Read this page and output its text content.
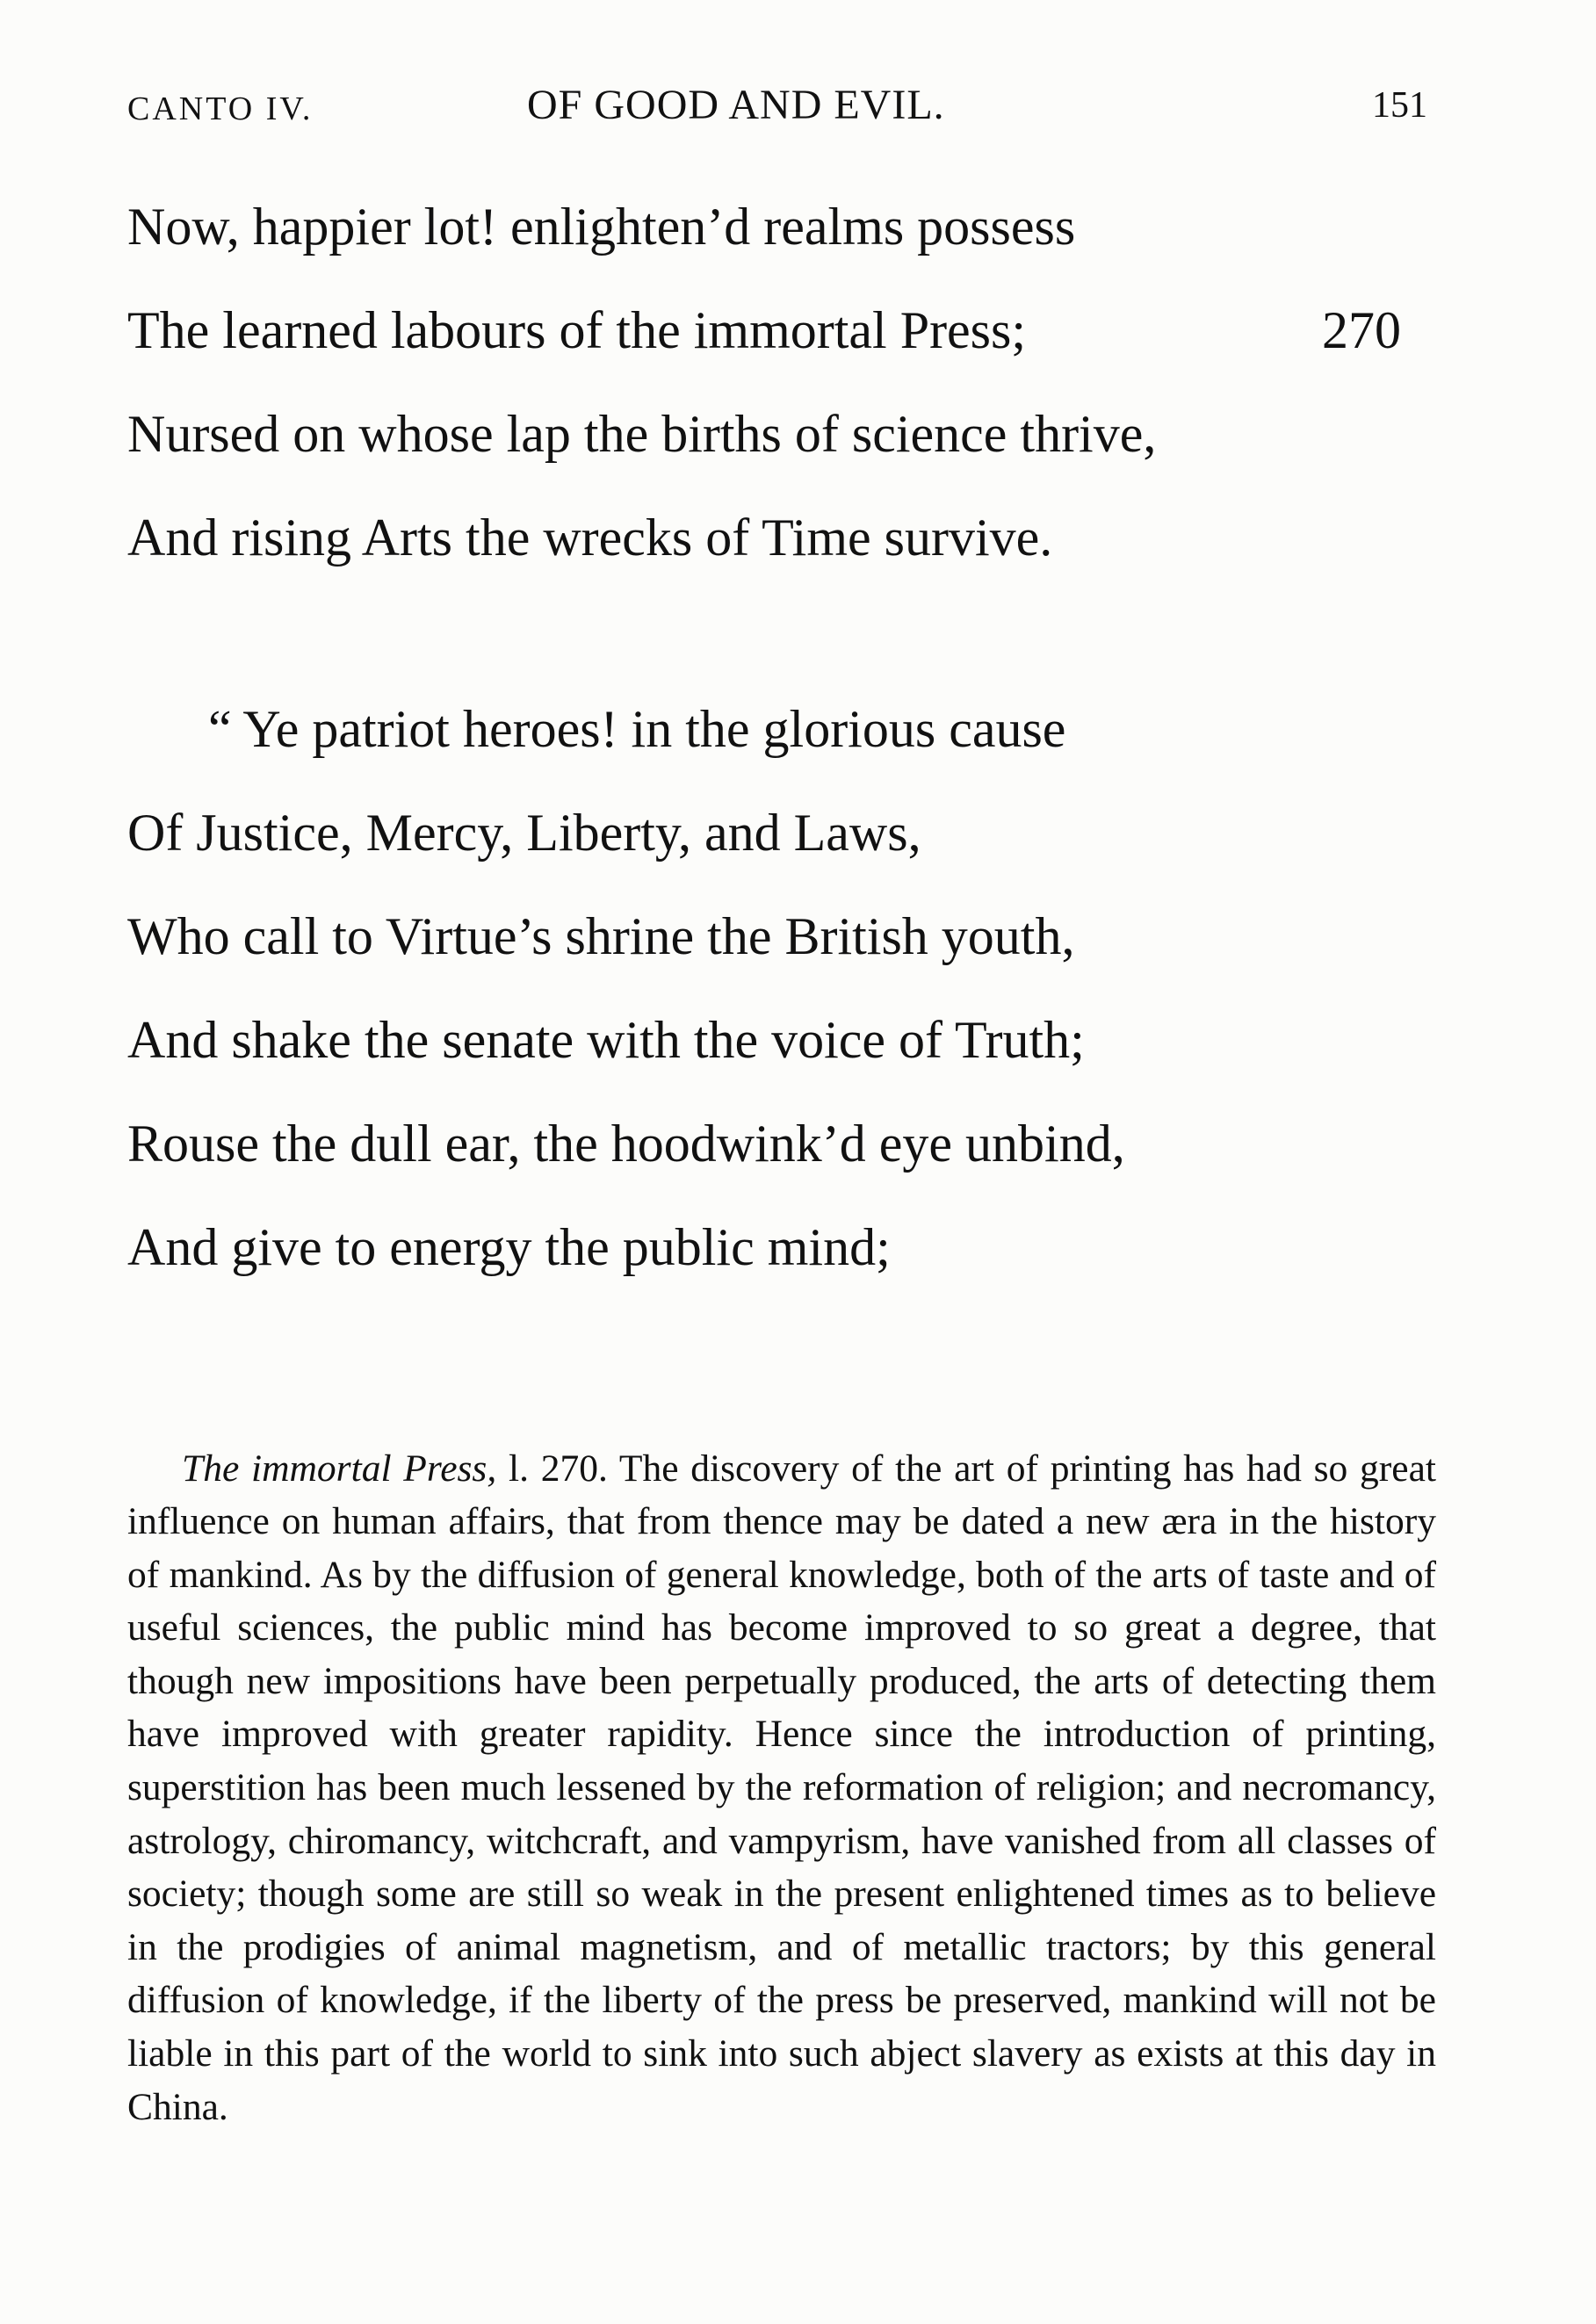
CANTO IV.	OF GOOD AND EVIL.	151
Now, happier lot! enlighten’d realms possess
The learned labours of the immortal Press;	270
Nursed on whose lap the births of science thrive,
And rising Arts the wrecks of Time survive.
“ Ye patriot heroes! in the glorious cause
Of Justice, Mercy, Liberty, and Laws,
Who call to Virtue’s shrine the British youth,
And shake the senate with the voice of Truth;
Rouse the dull ear, the hoodwink’d eye unbind,
And give to energy the public mind;

The immortal Press, l. 270. The discovery of the art of printing has had so great influence on human affairs, that from thence may be dated a new æra in the history of mankind. As by the diffusion of general knowledge, both of the arts of taste and of useful sciences, the public mind has become improved to so great a degree, that though new impositions have been perpetually produced, the arts of detecting them have improved with greater rapidity. Hence since the introduction of printing, superstition has been much lessened by the reformation of religion; and necromancy, astrology, chiromancy, witchcraft, and vampyrism, have vanished from all classes of society; though some are still so weak in the present enlightened times as to believe in the prodigies of animal magnetism, and of metallic tractors; by this general diffusion of knowledge, if the liberty of the press be preserved, mankind will not be liable in this part of the world to sink into such abject slavery as exists at this day in China.
